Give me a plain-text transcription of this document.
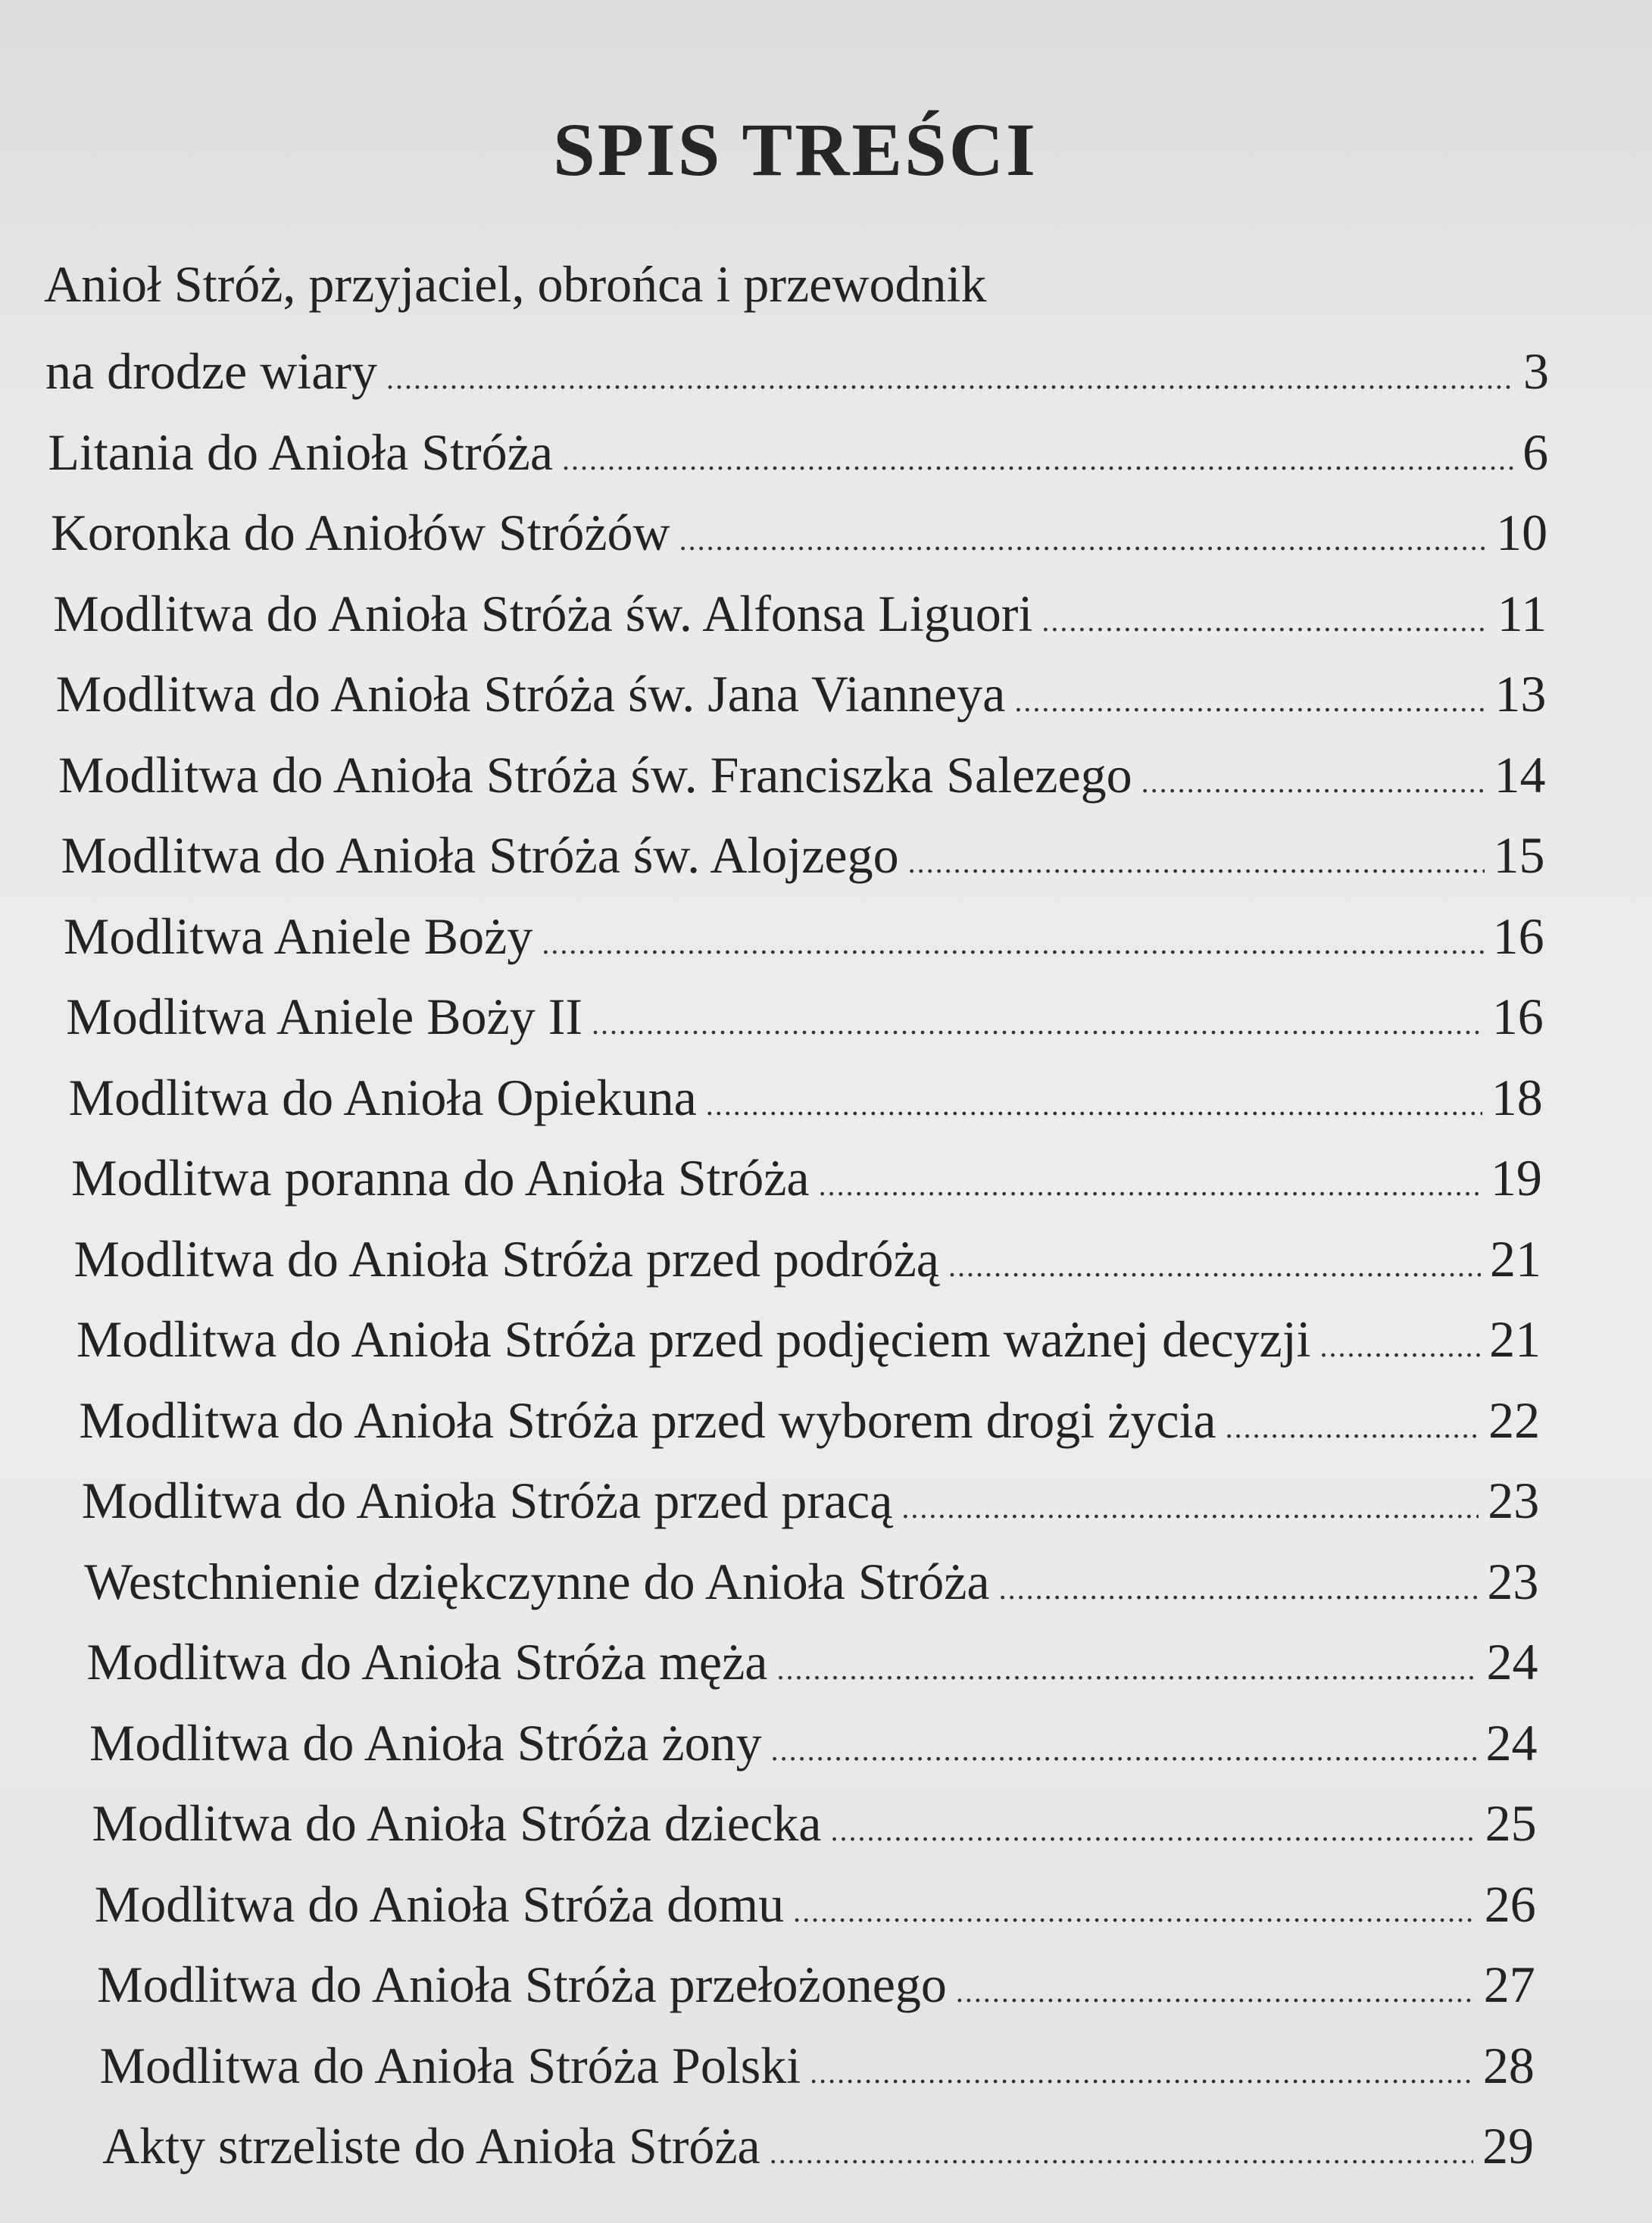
SPIS TREŚCI
Anioł Stróż, przyjaciel, obrońca i przewodnik
na drodze wiary . . .	3
Litania do Anioła Stróża . . .	6
Koronka do Aniołów Stróżów . . .	10
Modlitwa do Anioła Stróża św. Alfonsa Liguori . . .	11
Modlitwa do Anioła Stróża św. Jana Vianneya . . .	13
Modlitwa do Anioła Stróża św. Franciszka Salezego . . .	14
Modlitwa do Anioła Stróża św. Alojzego . . .	15
Modlitwa Aniele Boży . . .	16
Modlitwa Aniele Boży II . . .	16
Modlitwa do Anioła Opiekuna . . .	18
Modlitwa poranna do Anioła Stróża . . .	19
Modlitwa do Anioła Stróża przed podróżą . . .	21
Modlitwa do Anioła Stróża przed podjęciem ważnej decyzji . . .	21
Modlitwa do Anioła Stróża przed wyborem drogi życia . . .	22
Modlitwa do Anioła Stróża przed pracą . . .	23
Westchnienie dziękczynne do Anioła Stróża . . .	23
Modlitwa do Anioła Stróża męża . . .	24
Modlitwa do Anioła Stróża żony . . .	24
Modlitwa do Anioła Stróża dziecka . . .	25
Modlitwa do Anioła Stróża domu . . .	26
Modlitwa do Anioła Stróża przełożonego . . .	27
Modlitwa do Anioła Stróża Polski . . .	28
Akty strzeliste do Anioła Stróża . . .	29
